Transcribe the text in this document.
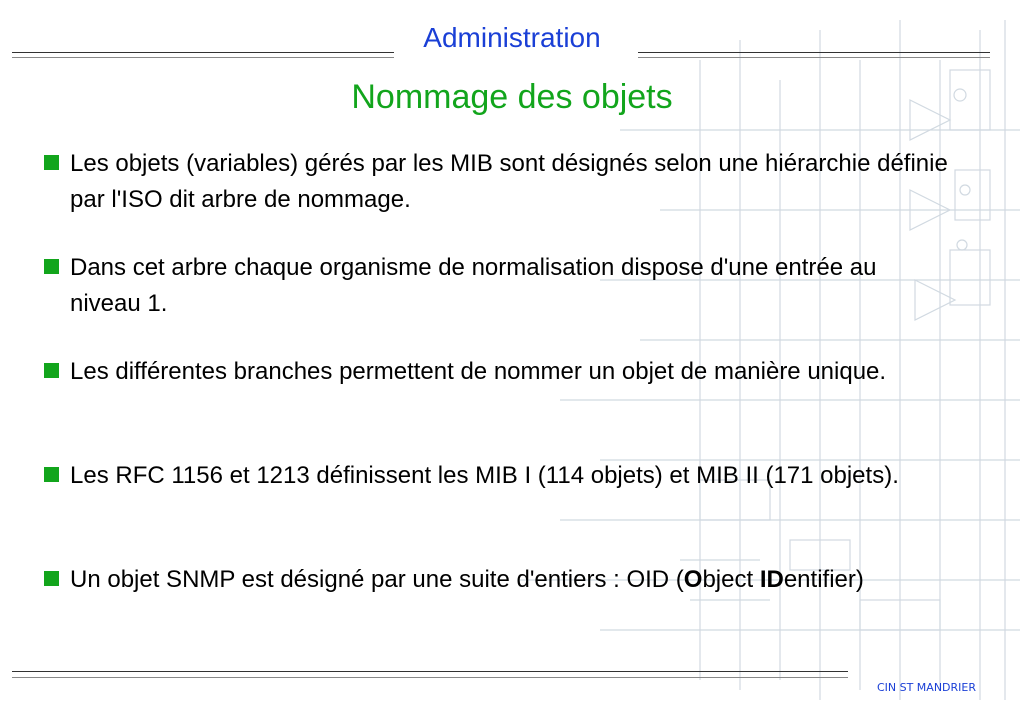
Administration
Nommage des objets
Les objets (variables) gérés par les MIB sont désignés selon une hiérarchie définie par l'ISO dit arbre de nommage.
Dans cet arbre chaque organisme de normalisation dispose d'une entrée au niveau 1.
Les différentes branches permettent de nommer un objet de manière unique.
Les RFC 1156 et 1213 définissent les MIB I (114 objets) et MIB II (171 objets).
Un objet SNMP est désigné par une suite d'entiers : OID (Object IDentifier)
CIN ST MANDRIER
